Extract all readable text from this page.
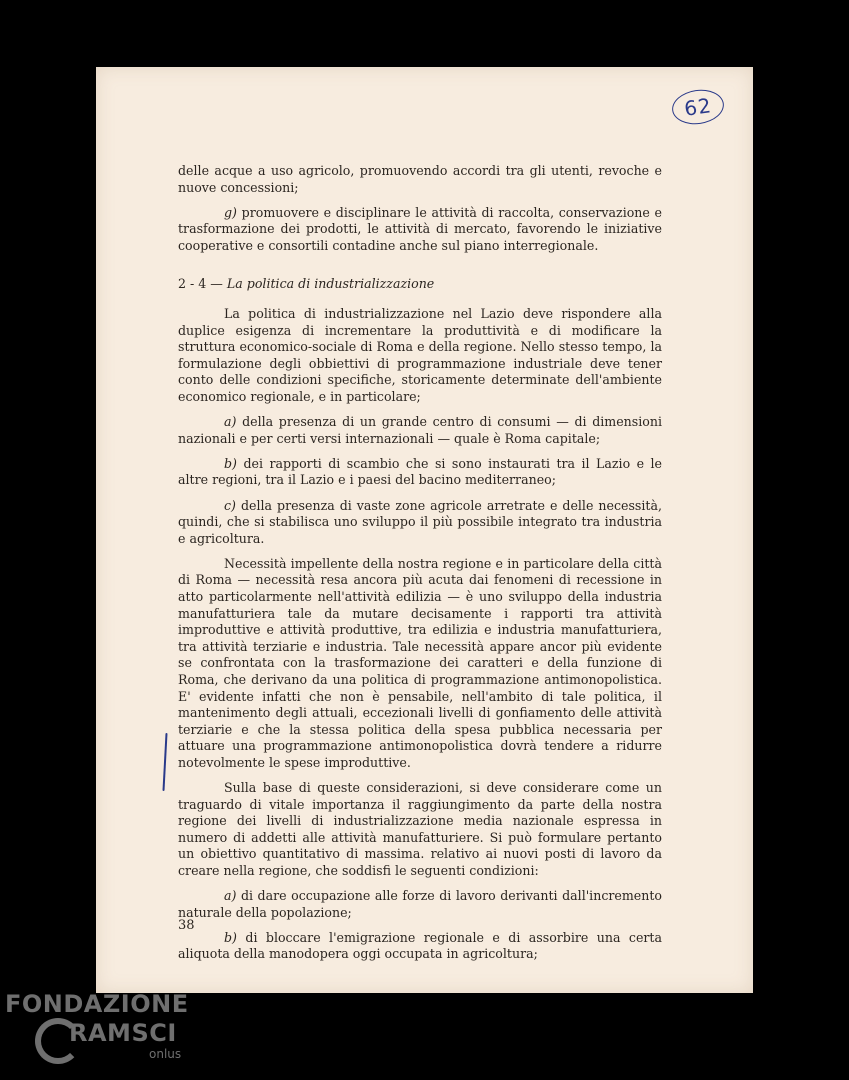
62

delle acque a uso agricolo, promuovendo accordi tra gli utenti, revoche e nuove concessioni;

g) promuovere e disciplinare le attività di raccolta, conservazione e trasformazione dei prodotti, le attività di mercato, favorendo le iniziative cooperative e consortili contadine anche sul piano interregionale.

2 - 4 — La politica di industrializzazione

La politica di industrializzazione nel Lazio deve rispondere alla duplice esigenza di incrementare la produttività e di modificare la struttura economico-sociale di Roma e della regione. Nello stesso tempo, la formulazione degli obbiettivi di programmazione industriale deve tener conto delle condizioni specifiche, storicamente determinate dell'ambiente economico regionale, e in particolare;

a) della presenza di un grande centro di consumi — di dimensioni nazionali e per certi versi internazionali — quale è Roma capitale;

b) dei rapporti di scambio che si sono instaurati tra il Lazio e le altre regioni, tra il Lazio e i paesi del bacino mediterraneo;

c) della presenza di vaste zone agricole arretrate e delle necessità, quindi, che si stabilisca uno sviluppo il più possibile integrato tra industria e agricoltura.

Necessità impellente della nostra regione e in particolare della città di Roma — necessità resa ancora più acuta dai fenomeni di recessione in atto particolarmente nell'attività edilizia — è uno sviluppo della industria manufatturiera tale da mutare decisamente i rapporti tra attività improduttive e attività produttive, tra edilizia e industria manufatturiera, tra attività terziarie e industria. Tale necessità appare ancor più evidente se confrontata con la trasformazione dei caratteri e della funzione di Roma, che derivano da una politica di programmazione antimonopolistica. E' evidente infatti che non è pensabile, nell'ambito di tale politica, il mantenimento degli attuali, eccezionali livelli di gonfiamento delle attività terziarie e che la stessa politica della spesa pubblica necessaria per attuare una programmazione antimonopolistica dovrà tendere a ridurre notevolmente le spese improduttive.

Sulla base di queste considerazioni, si deve considerare come un traguardo di vitale importanza il raggiungimento da parte della nostra regione dei livelli di industrializzazione media nazionale espressa in numero di addetti alle attività manufatturiere. Si può formulare pertanto un obiettivo quantitativo di massima. relativo ai nuovi posti di lavoro da creare nella regione, che soddisfi le seguenti condizioni:

a) di dare occupazione alle forze di lavoro derivanti dall'incremento naturale della popolazione;

b) di bloccare l'emigrazione regionale e di assorbire una certa aliquota della manodopera oggi occupata in agricoltura;

38
FONDAZIONE
RAMSCI
onlus
